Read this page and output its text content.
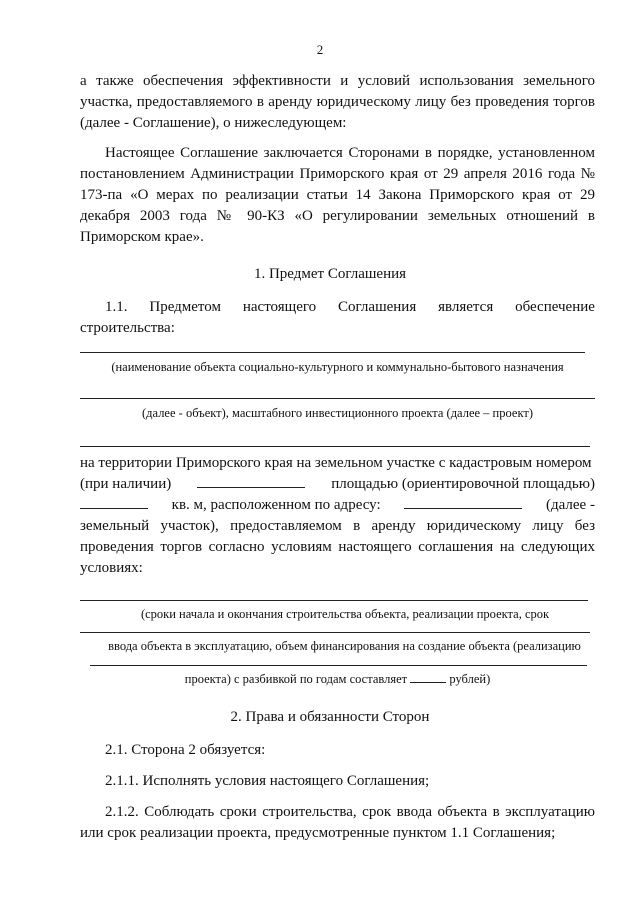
2
а также обеспечения эффективности и условий использования земельного участка, предоставляемого в аренду юридическому лицу без проведения торгов (далее - Соглашение), о нижеследующем:
Настоящее Соглашение заключается Сторонами в порядке, установленном постановлением Администрации Приморского края от 29 апреля 2016 года № 173-па «О мерах по реализации статьи 14 Закона Приморского края от 29 декабря 2003 года № 90-КЗ «О регулировании земельных отношений в Приморском крае».
1. Предмет Соглашения
1.1. Предметом настоящего Соглашения является обеспечение
строительства:
(наименование объекта социально-культурного и коммунально-бытового назначения
(далее - объект), масштабного инвестиционного проекта (далее – проект)
на территории Приморского края на земельном участке с кадастровым номером
(при наличии)	площадью (ориентировочной площадью)
кв. м, расположенном по адресу:	(далее -
земельный участок), предоставляемом в аренду юридическому лицу без проведения торгов согласно условиям настоящего соглашения на следующих условиях:
(сроки начала и окончания строительства объекта, реализации проекта, срок
ввода объекта в эксплуатацию, объем финансирования на создание объекта (реализацию
проекта) с разбивкой по годам составляет	рублей)
2. Права и обязанности Сторон
2.1. Сторона 2 обязуется:
2.1.1. Исполнять условия настоящего Соглашения;
2.1.2. Соблюдать сроки строительства, срок ввода объекта в эксплуатацию или срок реализации проекта, предусмотренные пунктом 1.1 Соглашения;
